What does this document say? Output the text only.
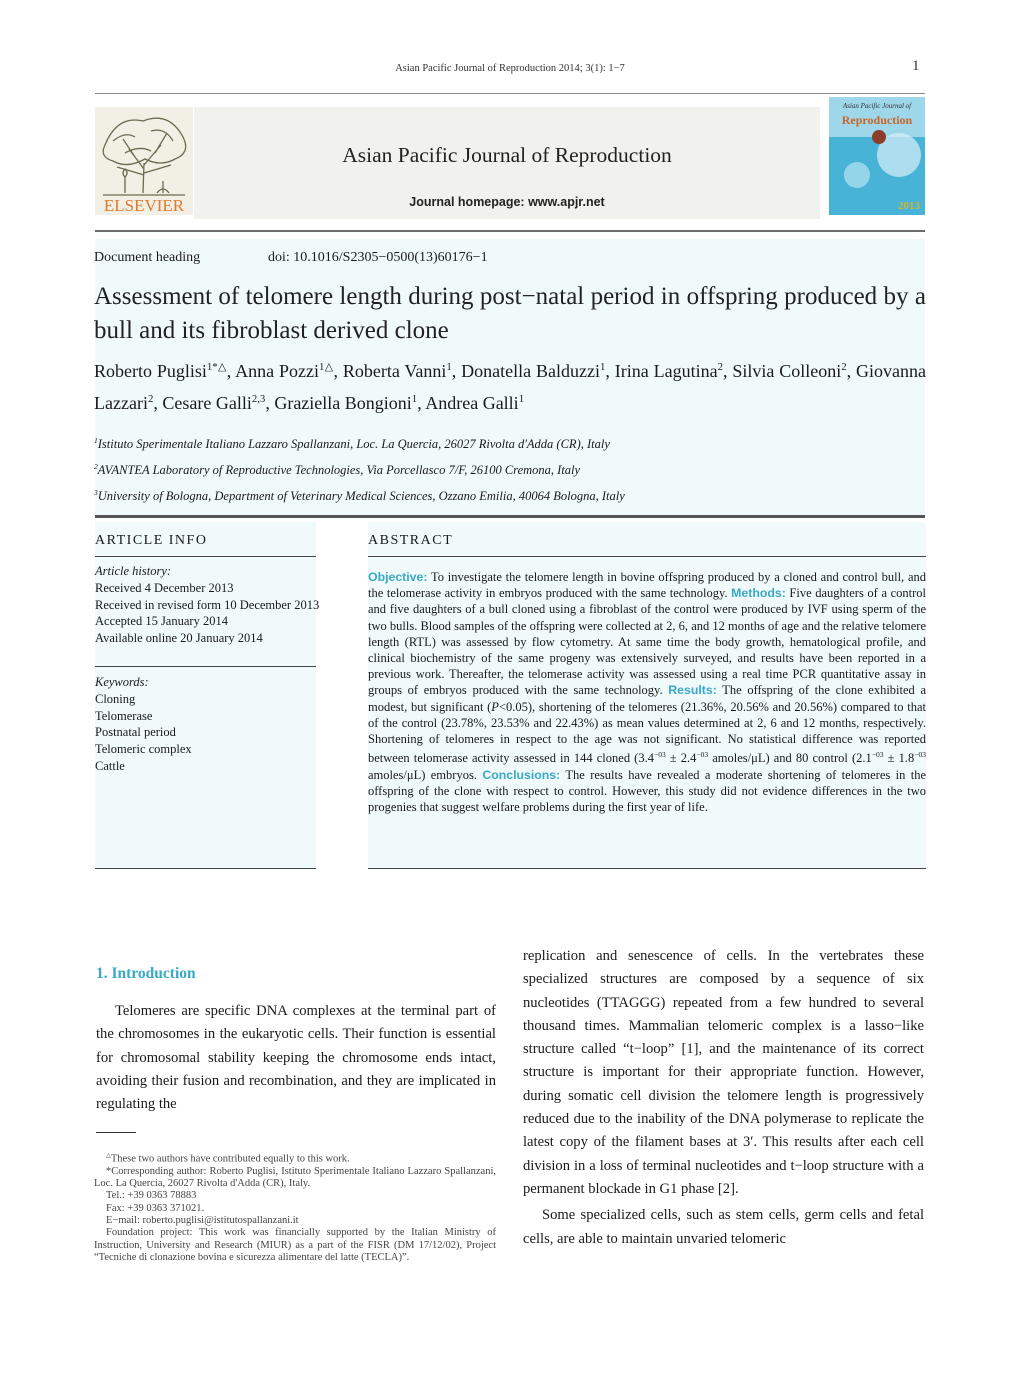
Asian Pacific Journal of Reproduction 2014; 3(1): 1−7	1
ELSEVIER
Asian Pacific Journal of Reproduction
Journal homepage: www.apjr.net
Asian Pacific Journal of
Reproduction
2013
Document heading	doi: 10.1016/S2305−0500(13)60176−1
Assessment of telomere length during post−natal period in offspring produced by a bull and its fibroblast derived clone
Roberto Puglisi$^{1*\triangle}$, Anna Pozzi$^{1\triangle}$, Roberta Vanni$^1$, Donatella Balduzzi$^1$, Irina Lagutina$^2$, Silvia Colleoni$^2$, Giovanna Lazzari$^2$, Cesare Galli$^{2,3}$, Graziella Bongioni$^1$, Andrea Galli$^1$
$^1$Istituto Sperimentale Italiano Lazzaro Spallanzani, Loc. La Quercia, 26027 Rivolta d'Adda (CR), Italy
$^2$AVANTEA Laboratory of Reproductive Technologies, Via Porcellasco 7/F, 26100 Cremona, Italy
$^3$University of Bologna, Department of Veterinary Medical Sciences, Ozzano Emilia, 40064 Bologna, Italy
ARTICLE INFO
Article history:
Received 4 December 2013
Received in revised form 10 December 2013
Accepted 15 January 2014
Available online 20 January 2014
Keywords:
Cloning
Telomerase
Postnatal period
Telomeric complex
Cattle
ABSTRACT
Objective: To investigate the telomere length in bovine offspring produced by a cloned and control bull, and the telomerase activity in embryos produced with the same technology. Methods: Five daughters of a control and five daughters of a bull cloned using a fibroblast of the control were produced by IVF using sperm of the two bulls. Blood samples of the offspring were collected at 2, 6, and 12 months of age and the relative telomere length (RTL) was assessed by flow cytometry. At same time the body growth, hematological profile, and clinical biochemistry of the same progeny was extensively surveyed, and results have been reported in a previous work. Thereafter, the telomerase activity was assessed using a real time PCR quantitative assay in groups of embryos produced with the same technology. Results: The offspring of the clone exhibited a modest, but significant (P<0.05), shortening of the telomeres (21.36%, 20.56% and 20.56%) compared to that of the control (23.78%, 23.53% and 22.43%) as mean values determined at 2, 6 and 12 months, respectively. Shortening of telomeres in respect to the age was not significant. No statistical difference was reported between telomerase activity assessed in 144 cloned ($3.4^{-03} \pm 2.4^{-03}$ amoles/μL) and 80 control ($2.1^{-03} \pm 1.8^{-03}$ amoles/μL) embryos. Conclusions: The results have revealed a moderate shortening of telomeres in the offspring of the clone with respect to control. However, this study did not evidence differences in the two progenies that suggest welfare problems during the first year of life.
1. Introduction

Telomeres are specific DNA complexes at the terminal part of the chromosomes in the eukaryotic cells. Their function is essential for chromosomal stability keeping the chromosome ends intact, avoiding their fusion and recombination, and they are implicated in regulating the

replication and senescence of cells. In the vertebrates these specialized structures are composed by a sequence of six nucleotides (TTAGGG) repeated from a few hundred to several thousand times. Mammalian telomeric complex is a lasso−like structure called “t−loop” [1], and the maintenance of its correct structure is important for their appropriate function. However, during somatic cell division the telomere length is progressively reduced due to the inability of the DNA polymerase to replicate the latest copy of the filament bases at 3′. This results after each cell division in a loss of terminal nucleotides and t−loop structure with a permanent blockade in G1 phase [2].

Some specialized cells, such as stem cells, germ cells and fetal cells, are able to maintain unvaried telomeric

△These two authors have contributed equally to this work.
*Corresponding author: Roberto Puglisi, Istituto Sperimentale Italiano Lazzaro Spallanzani, Loc. La Quercia, 26027 Rivolta d'Adda (CR), Italy.
Tel.: +39 0363 78883
Fax: +39 0363 371021.
E−mail: roberto.puglisi@istitutospallanzani.it
Foundation project: This work was financially supported by the Italian Ministry of Instruction, University and Research (MIUR) as a part of the FISR (DM 17/12/02), Project “Tecniche di clonazione bovina e sicurezza alimentare del latte (TECLA)”.
